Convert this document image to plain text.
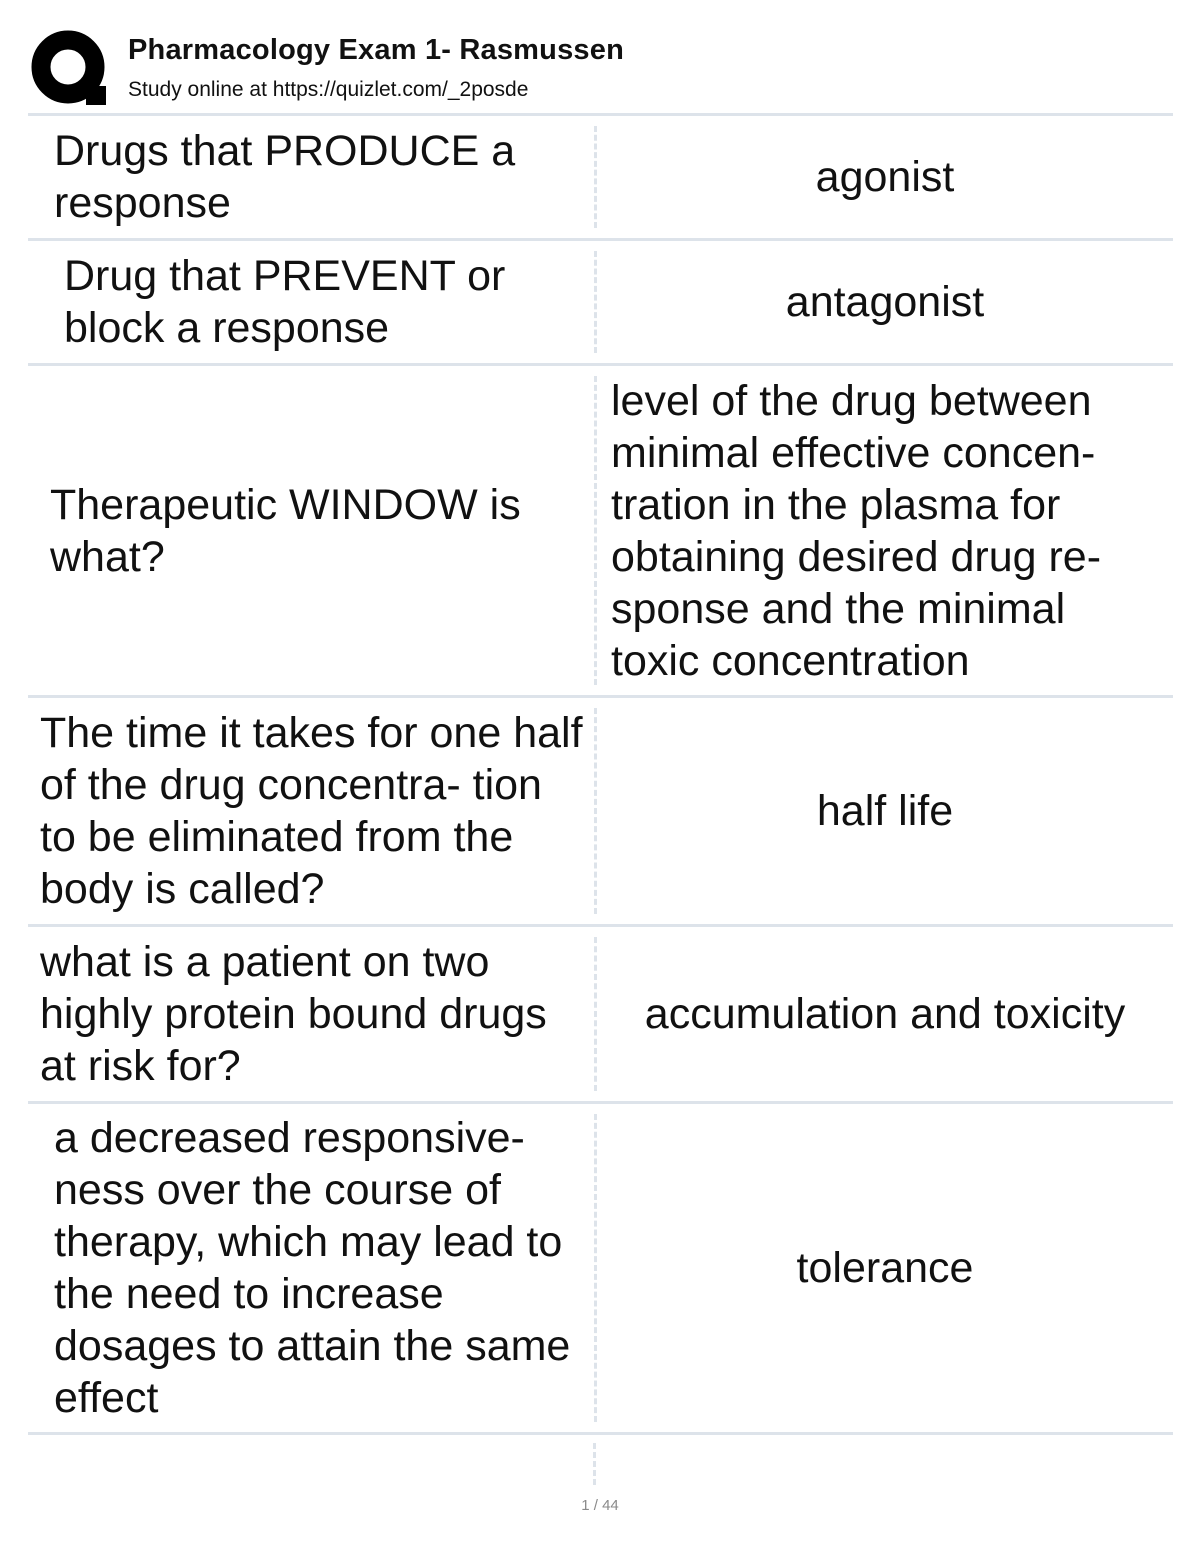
Pharmacology Exam 1- Rasmussen
Study online at https://quizlet.com/_2posde
Drugs that PRODUCE a response
agonist
Drug that PREVENT or block a response
antagonist
Therapeutic WINDOW is what?
level of the drug between minimal effective concen- tration in the plasma for obtaining desired drug re- sponse and the minimal toxic concentration
The time it takes for one half of the drug concentra- tion to be eliminated from the body is called?
half life
what is a patient on two highly protein bound drugs at risk for?
accumulation and toxicity
a decreased responsive- ness over the course of therapy, which may lead to the need to increase dosages to attain the same effect
tolerance
1 / 44
